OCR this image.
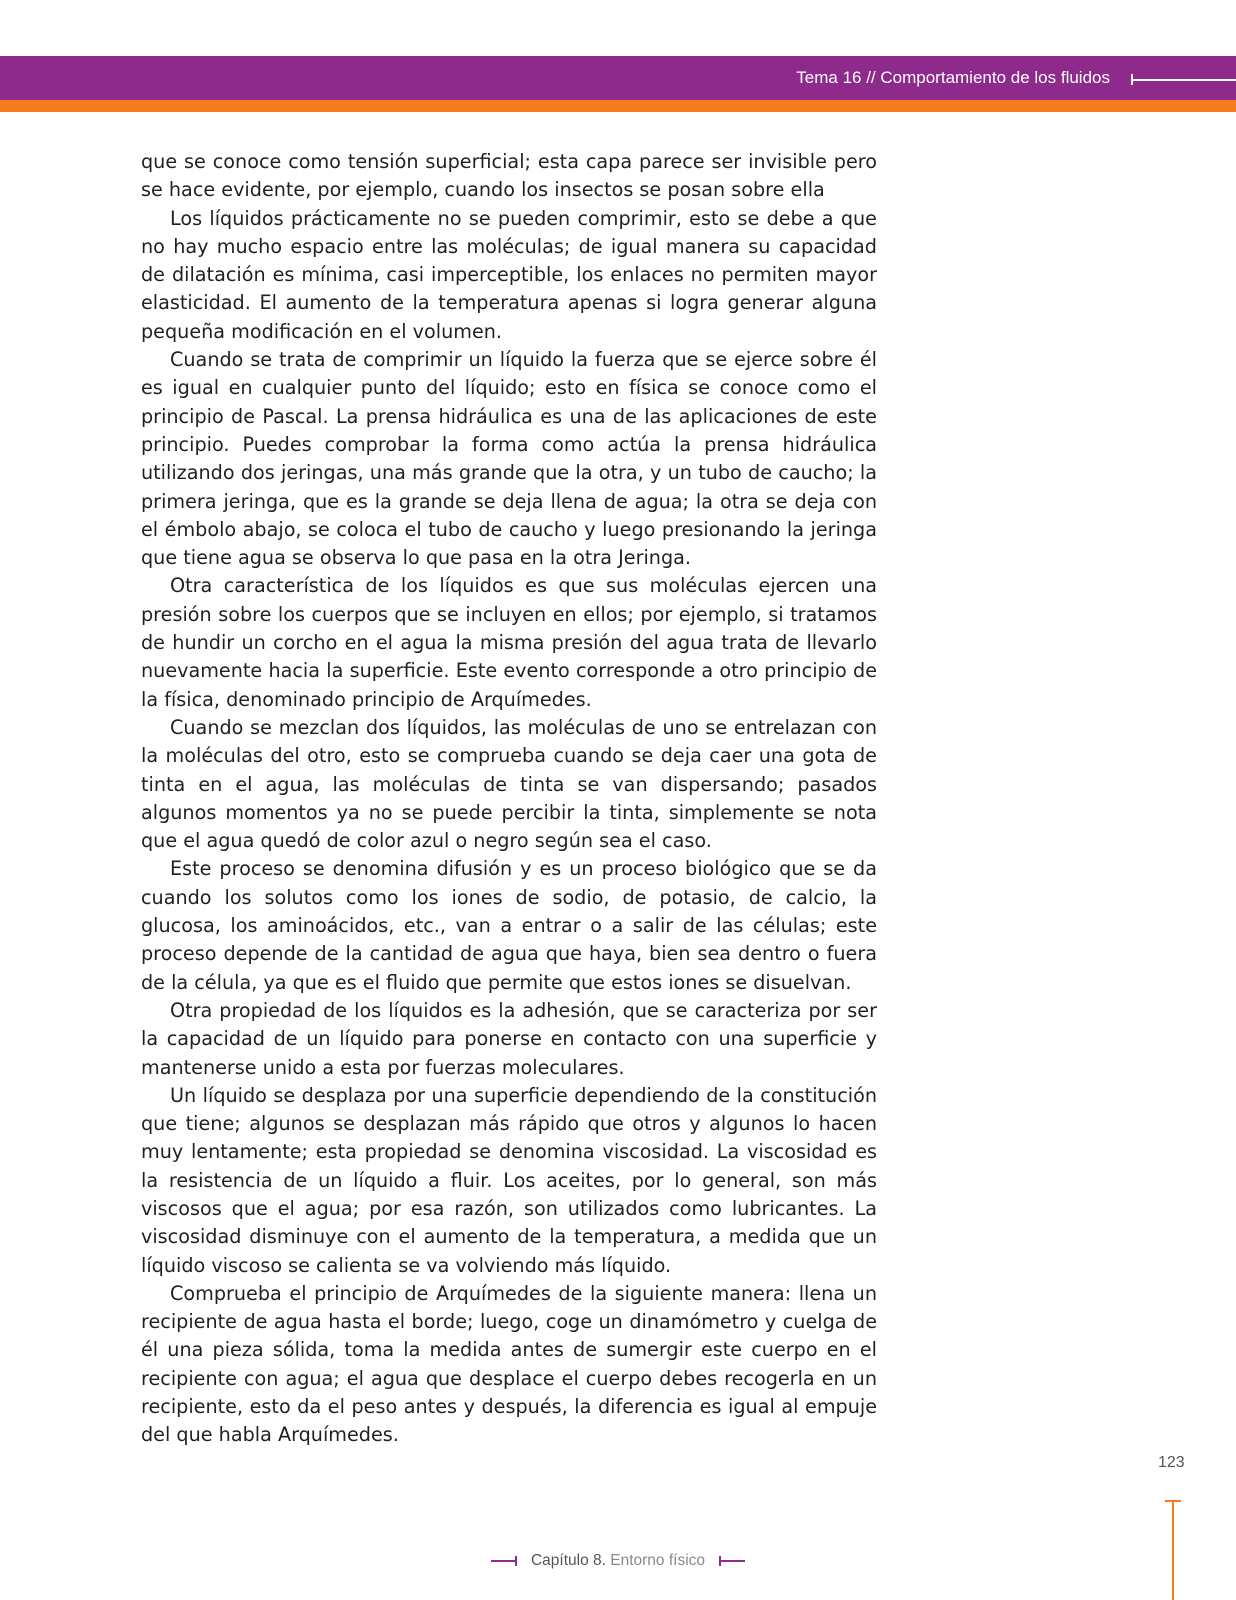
Tema 16 // Comportamiento de los fluidos

que se conoce como tensión superficial; esta capa parece ser invisible pero se hace evidente, por ejemplo, cuando los insectos se posan sobre ella

Los líquidos prácticamente no se pueden comprimir, esto se debe a que no hay mucho espacio entre las moléculas; de igual manera su capacidad de dilatación es mínima, casi imperceptible, los enlaces no permiten mayor elasticidad. El aumento de la temperatura apenas si logra generar alguna pequeña modificación en el volumen.

Cuando se trata de comprimir un líquido la fuerza que se ejerce sobre él es igual en cualquier punto del líquido; esto en física se conoce como el principio de Pascal. La prensa hidráulica es una de las aplicaciones de este principio. Puedes comprobar la forma como actúa la prensa hidráulica utilizando dos jeringas, una más grande que la otra, y un tubo de caucho; la primera jeringa, que es la grande se deja llena de agua; la otra se deja con el émbolo abajo, se coloca el tubo de caucho y luego presionando la jeringa que tiene agua se observa lo que pasa en la otra Jeringa.

Otra característica de los líquidos es que sus moléculas ejercen una presión sobre los cuerpos que se incluyen en ellos; por ejemplo, si tratamos de hundir un corcho en el agua la misma presión del agua trata de llevarlo nuevamente hacia la superficie. Este evento corresponde a otro principio de la física, denominado principio de Arquímedes.

Cuando se mezclan dos líquidos, las moléculas de uno se entrelazan con la moléculas del otro, esto se comprueba cuando se deja caer una gota de tinta en el agua, las moléculas de tinta se van dispersando; pasados algunos momentos ya no se puede percibir la tinta, simplemente se nota que el agua quedó de color azul o negro según sea el caso.

Este proceso se denomina difusión y es un proceso biológico que se da cuando los solutos como los iones de sodio, de potasio, de calcio, la glucosa, los aminoácidos, etc., van a entrar o a salir de las células; este proceso depende de la cantidad de agua que haya, bien sea dentro o fuera de la célula, ya que es el fluido que permite que estos iones se disuelvan.

Otra propiedad de los líquidos es la adhesión, que se caracteriza por ser la capacidad de un líquido para ponerse en contacto con una superficie y mantenerse unido a esta por fuerzas moleculares.

Un líquido se desplaza por una superficie dependiendo de la constitución que tiene; algunos se desplazan más rápido que otros y algunos lo hacen muy lentamente; esta propiedad se denomina viscosidad. La viscosidad es la resistencia de un líquido a fluir. Los aceites, por lo general, son más viscosos que el agua; por esa razón, son utilizados como lubricantes. La viscosidad disminuye con el aumento de la temperatura, a medida que un líquido viscoso se calienta se va volviendo más líquido.

Comprueba el principio de Arquímedes de la siguiente manera: llena un recipiente de agua hasta el borde; luego, coge un dinamómetro y cuelga de él una pieza sólida, toma la medida antes de sumergir este cuerpo en el recipiente con agua; el agua que desplace el cuerpo debes recogerla en un recipiente, esto da el peso antes y después, la diferencia es igual al empuje del que habla Arquímedes.

123
Capítulo 8. Entorno físico
